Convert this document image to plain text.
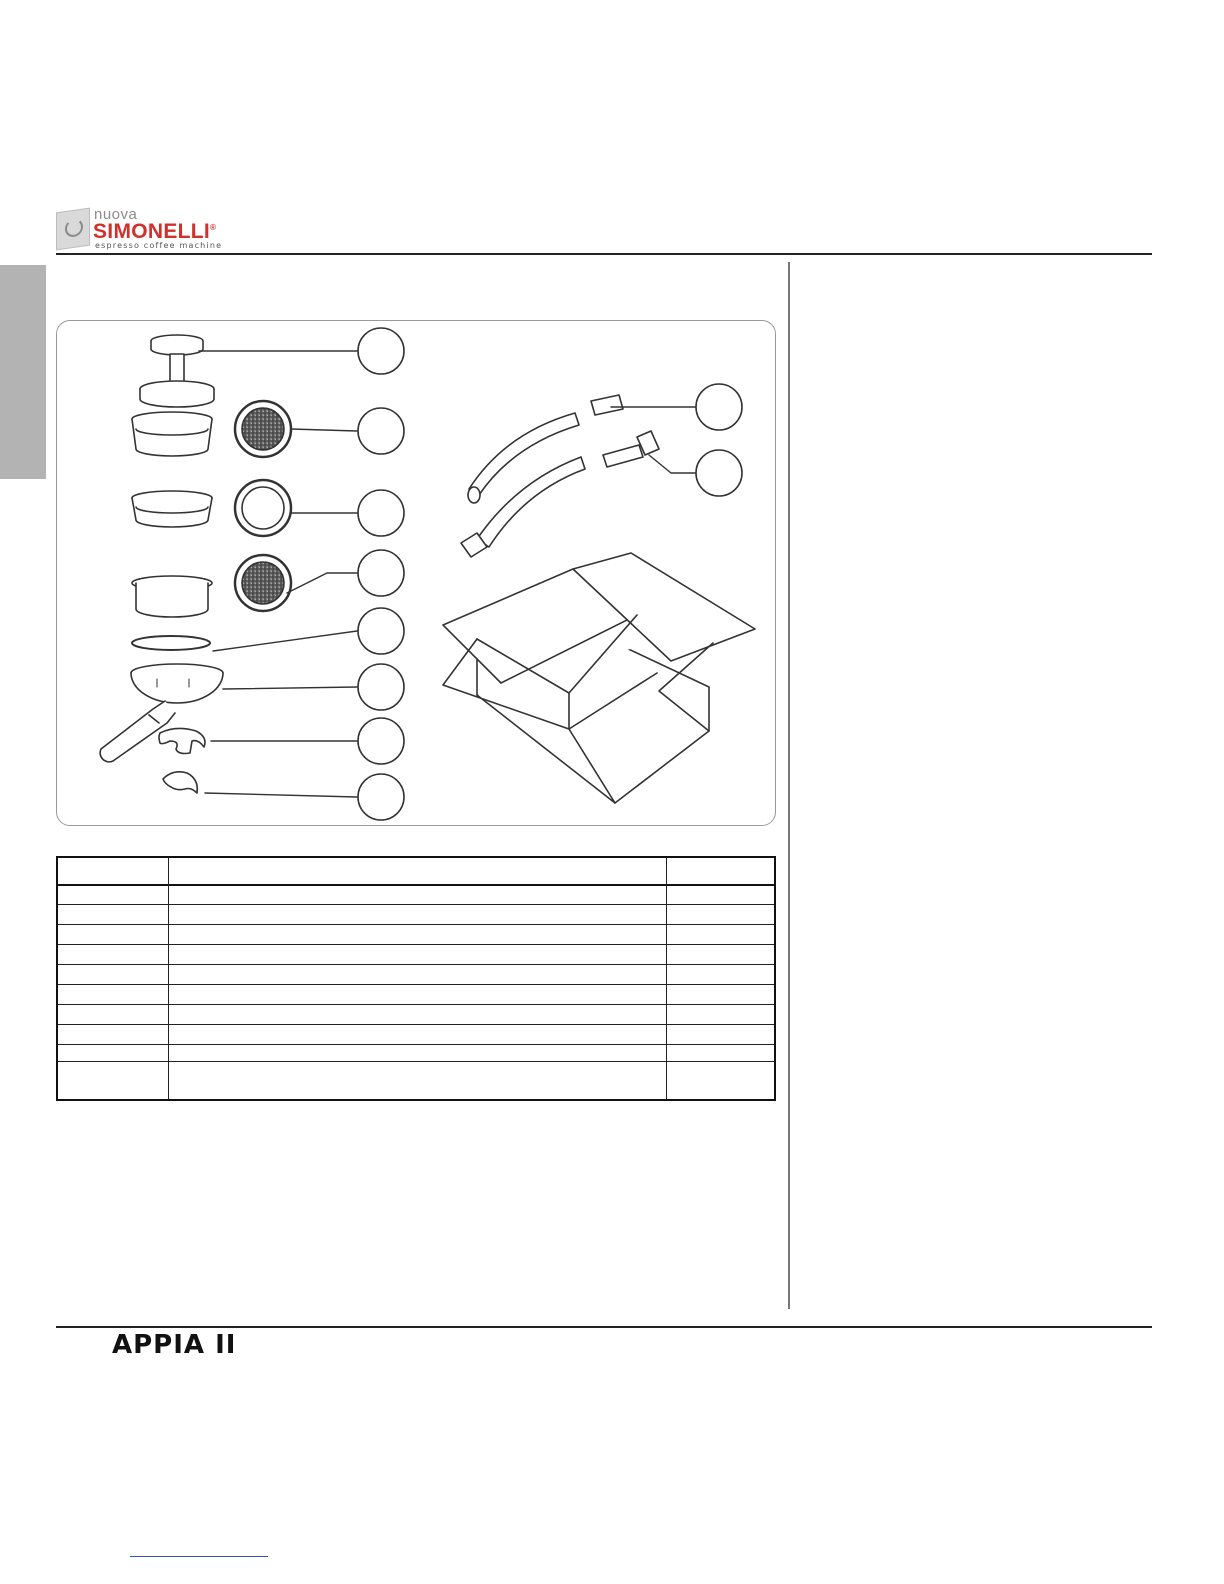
nuova
SIMONELLI®
espresso coffee machine
APPIA II
